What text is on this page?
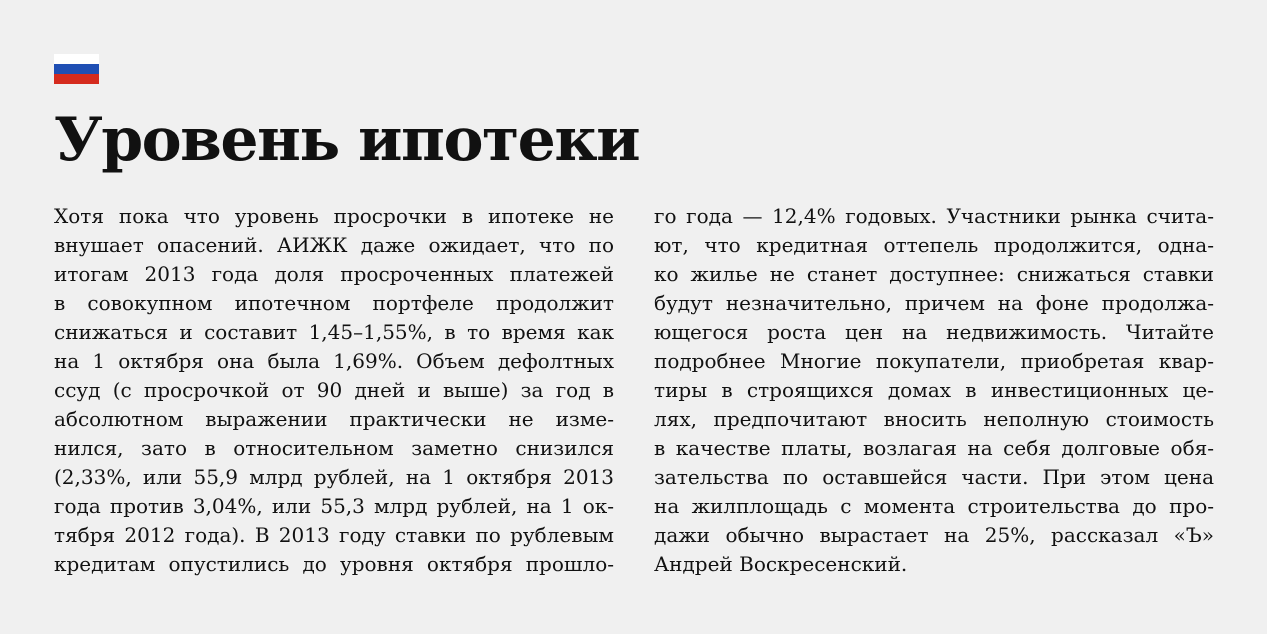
Уровень ипотеки
Хотя пока что уровень просрочки в ипотеке не
внушает опасений. АИЖК даже ожидает, что по
итогам 2013 года доля просроченных платежей
в совокупном ипотечном портфеле продолжит
снижаться и составит 1,45–1,55%, в то время как
на 1 октября она была 1,69%. Объем дефолтных
ссуд (с просрочкой от 90 дней и выше) за год в
абсолютном выражении практически не изме-
нился, зато в относительном заметно снизился
(2,33%, или 55,9 млрд рублей, на 1 октября 2013
года против 3,04%, или 55,3 млрд рублей, на 1 ок-
тября 2012 года). В 2013 году ставки по рублевым
кредитам опустились до уровня октября прошло-
го года — 12,4% годовых. Участники рынка счита-
ют, что кредитная оттепель продолжится, одна-
ко жилье не станет доступнее: снижаться ставки
будут незначительно, причем на фоне продолжа-
ющегося роста цен на недвижимость. Читайте
подробнее Многие покупатели, приобретая квар-
тиры в строящихся домах в инвестиционных це-
лях, предпочитают вносить неполную стоимость
в качестве платы, возлагая на себя долговые обя-
зательства по оставшейся части. При этом цена
на жилплощадь с момента строительства до про-
дажи обычно вырастает на 25%, рассказал «Ъ»
Андрей Воскресенский.
